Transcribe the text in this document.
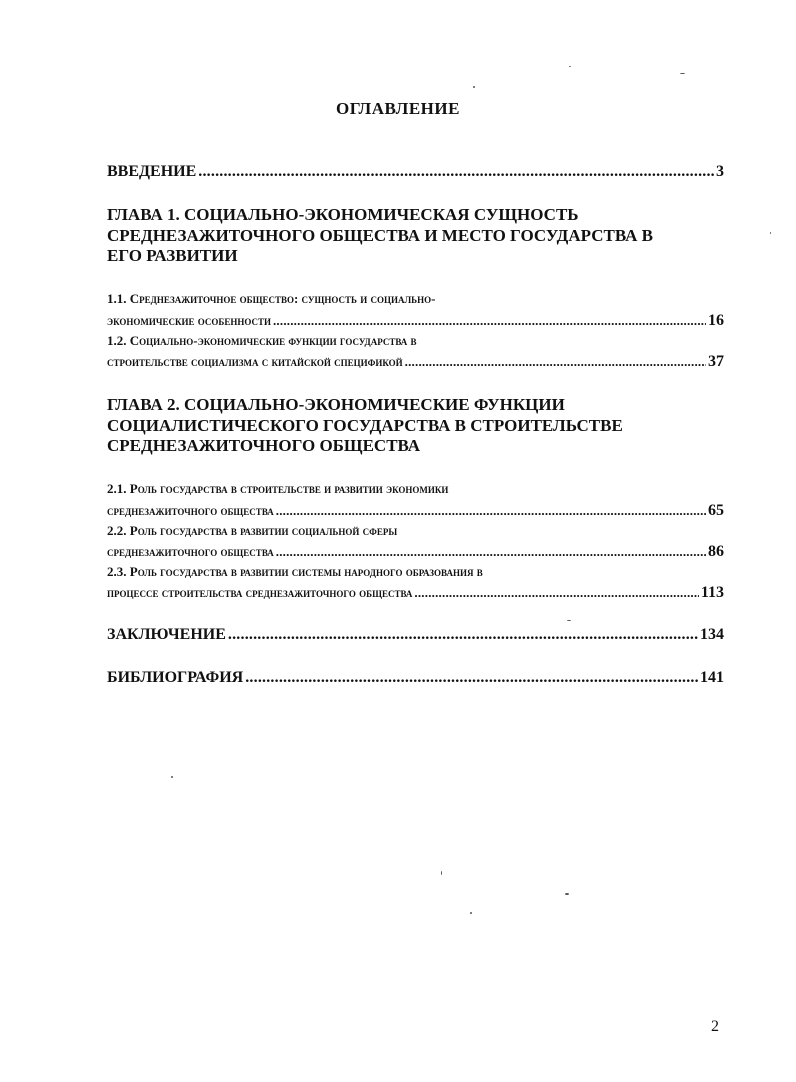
ОГЛАВЛЕНИЕ
ВВЕДЕНИЕ .....	3
ГЛАВА 1. СОЦИАЛЬНО-ЭКОНОМИЧЕСКАЯ СУЩНОСТЬ
СРЕДНЕЗАЖИТОЧНОГО ОБЩЕСТВА И МЕСТО ГОСУДАРСТВА В
ЕГО РАЗВИТИИ
1.1. Среднезажиточное общество: сущность и социально-
экономические особенности .....	16
1.2. Социально-экономические функции государства в
строительстве социализма с китайской спецификой .....	37
ГЛАВА 2. СОЦИАЛЬНО-ЭКОНОМИЧЕСКИЕ ФУНКЦИИ
СОЦИАЛИСТИЧЕСКОГО ГОСУДАРСТВА В СТРОИТЕЛЬСТВЕ
СРЕДНЕЗАЖИТОЧНОГО ОБЩЕСТВА
2.1. Роль государства в строительстве и развитии экономики
среднезажиточного общества .....	65
2.2. Роль государства в развитии социальной сферы
среднезажиточного общества .....	86
2.3. Роль государства в развитии системы народного образования в
процессе строительства среднезажиточного общества .....	113
ЗАКЛЮЧЕНИЕ .....	134
БИБЛИОГРАФИЯ .....	141
2
